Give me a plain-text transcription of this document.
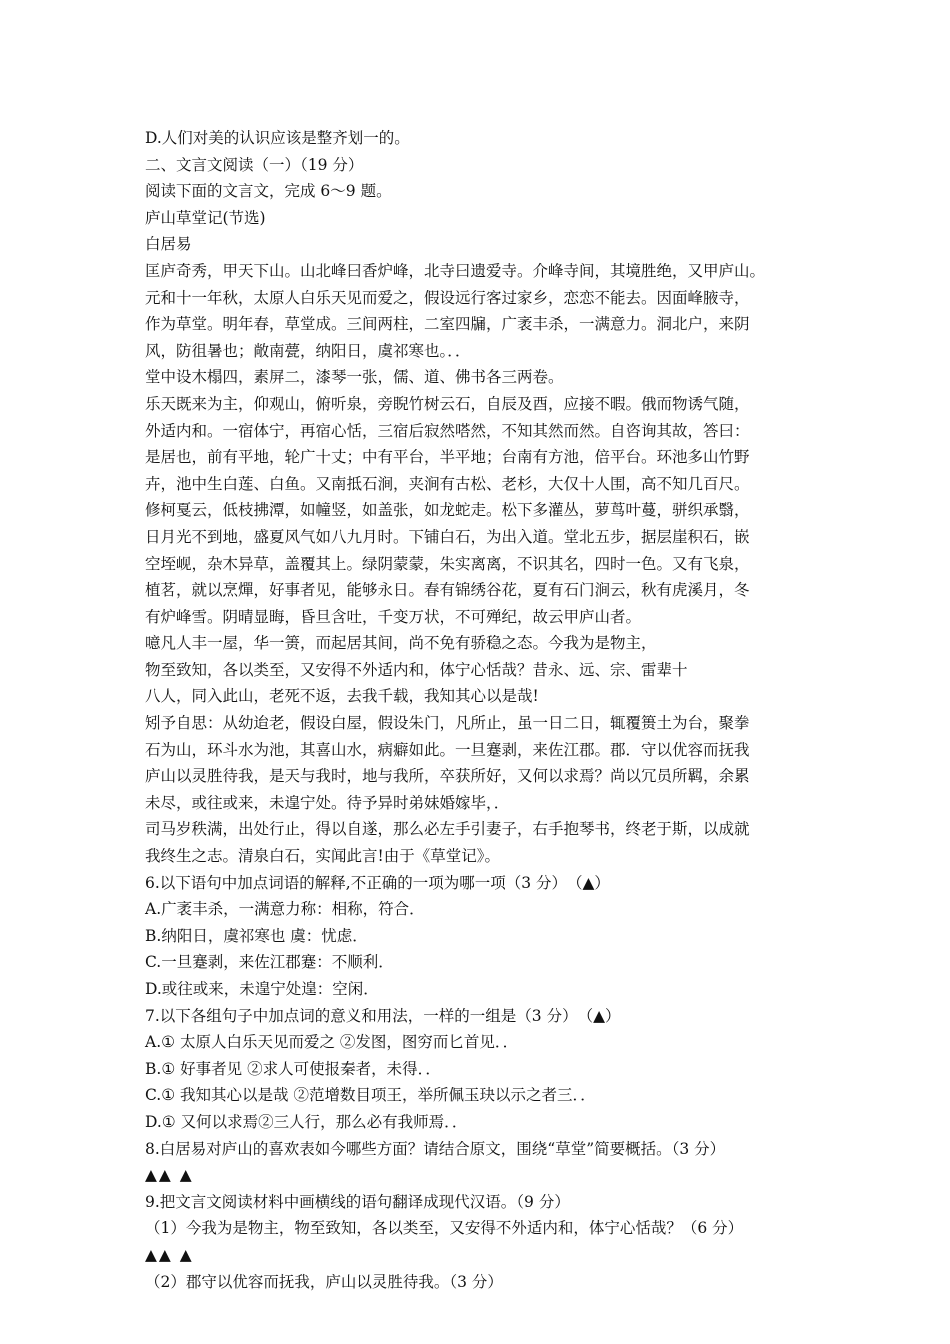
D.人们对美的认识应该是整齐划一的。
二、文言文阅读（一）（19 分）
阅读下面的文言文，完成 6～9 题。
庐山草堂记(节选)
白居易
匡庐奇秀，甲天下山。山北峰曰香炉峰，北寺曰遗爱寺。介峰寺间，其境胜绝，又甲庐山。
元和十一年秋，太原人白乐天见而爱之，假设远行客过家乡，恋恋不能去。因面峰腋寺，
作为草堂。明年春，草堂成。三间两柱，二室四牖，广袤丰杀，一满意力。洞北户，来阴
风，防徂暑也；敞南甍，纳阳日，虞祁寒也。．．
堂中设木榻四，素屏二，漆琴一张，儒、道、佛书各三两卷。
乐天既来为主，仰观山，俯听泉，旁睨竹树云石，自辰及酉，应接不暇。俄而物诱气随，
外适内和。一宿体宁，再宿心恬，三宿后寂然嗒然，不知其然而然。自咨询其故，答曰：
是居也，前有平地，轮广十丈；中有平台，半平地；台南有方池，倍平台。环池多山竹野
卉，池中生白莲、白鱼。又南抵石涧，夹涧有古松、老杉，大仅十人围，高不知几百尺。
修柯戛云，低枝拂潭，如幢竖，如盖张，如龙蛇走。松下多灌丛，萝茑叶蔓，骈织承翳，
日月光不到地，盛夏风气如八九月时。下铺白石，为出入道。堂北五步，据层崖积石，嵌
空垤岘，杂木异草，盖覆其上。绿阴蒙蒙，朱实离离，不识其名，四时一色。又有飞泉，
植茗，就以烹燀，好事者见，能够永日。春有锦绣谷花，夏有石门涧云，秋有虎溪月，冬
有炉峰雪。阴晴显晦，昏旦含吐，千变万状，不可殚纪，故云甲庐山者。
噫凡人丰一屋，华一箦，而起居其间，尚不免有骄稳之态。今我为是物主，
物至致知，各以类至，又安得不外适内和，体宁心恬哉？昔永、远、宗、雷辈十
八人，同入此山，老死不返，去我千载，我知其心以是哉!
矧予自思：从幼迨老，假设白屋，假设朱门，凡所止，虽一日二日，辄覆篑土为台，聚拳
石为山，环斗水为池，其喜山水，病癖如此。一旦蹇剥，来佐江郡。郡．守以优容而抚我
庐山以灵胜待我，是天与我时，地与我所，卒获所好，又何以求焉？尚以冗员所羁，余累
未尽，或往或来，未遑宁处。待予异时弟妹婚嫁毕，．
司马岁秩满，出处行止，得以自遂，那么必左手引妻子，右手抱琴书，终老于斯，以成就
我终生之志。清泉白石，实闻此言!由于《草堂记》。
6.以下语句中加点词语的解释,不正确的一项为哪一项（3 分）　（▲）
A.广袤丰杀，一满意力称：相称，符合．
B.纳阳日，虞祁寒也 虞：忧虑．
C.一旦蹇剥，来佐江郡蹇：不顺利．
D.或往或来，未遑宁处遑：空闲．
7.以下各组句子中加点词的意义和用法，一样的一组是（3 分）　（▲）
A.① 太原人白乐天见而爱之 ②发图，图穷而匕首见．．
B.① 好事者见 ②求人可使报秦者，未得．．
C.① 我知其心以是哉 ②范增数目项王，举所佩玉玦以示之者三．．
D.① 又何以求焉②三人行，那么必有我师焉．．
8.白居易对庐山的喜欢表如今哪些方面？请结合原文，围绕“草堂”简要概括。（3 分）
▲▲ ▲
9.把文言文阅读材料中画横线的语句翻译成现代汉语。（9 分）
（1）今我为是物主，物至致知，各以类至，又安得不外适内和，体宁心恬哉？（6 分）
▲▲ ▲
（2）郡守以优容而抚我，庐山以灵胜待我。（3 分）
